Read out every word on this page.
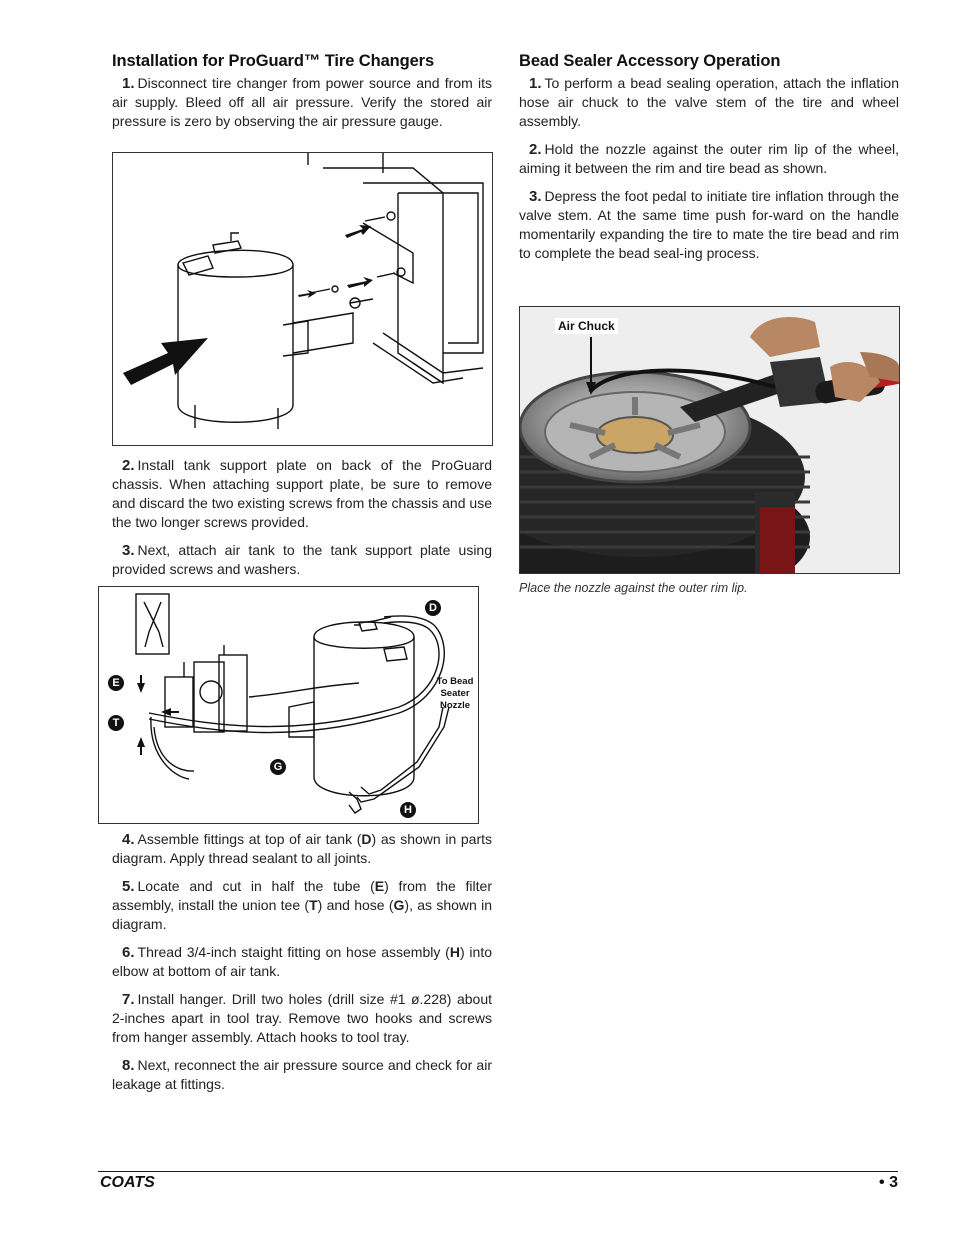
Installation for ProGuard™ Tire Changers

1. Disconnect tire changer from power source and from its air supply. Bleed off all air pressure. Verify the stored air pressure is zero by observing the air pressure gauge.

2. Install tank support plate on back of the ProGuard chassis. When attaching support plate, be sure to remove and discard the two existing screws from the chassis and use the two longer screws provided.

3. Next, attach air tank to the tank support plate using provided screws and washers.

D
E
T
G
H
To Bead
Seater
Nozzle

4. Assemble fittings at top of air tank (D) as shown in parts diagram. Apply thread sealant to all joints.

5. Locate and cut in half the tube (E) from the filter assembly, install the union tee (T) and hose (G), as shown in diagram.

6. Thread 3/4-inch staight fitting on hose assembly (H) into elbow at bottom of air tank.

7. Install hanger. Drill two holes (drill size #1 ø.228) about 2-inches apart in tool tray. Remove two hooks and screws from hanger assembly. Attach hooks to tool tray.

8. Next, reconnect the air pressure source and check for air leakage at fittings.

Bead Sealer Accessory Operation

1. To perform a bead sealing operation, attach the inflation hose air chuck to the valve stem of the tire and wheel assembly.

2. Hold the nozzle against the outer rim lip of the wheel, aiming it between the rim and tire bead as shown.

3. Depress the foot pedal to initiate tire inflation through the valve stem. At the same time push for-ward on the handle momentarily expanding the tire to mate the tire bead and rim to complete the bead seal-ing process.

Air Chuck
Place the nozzle against the outer rim lip.
COATS	• 3
